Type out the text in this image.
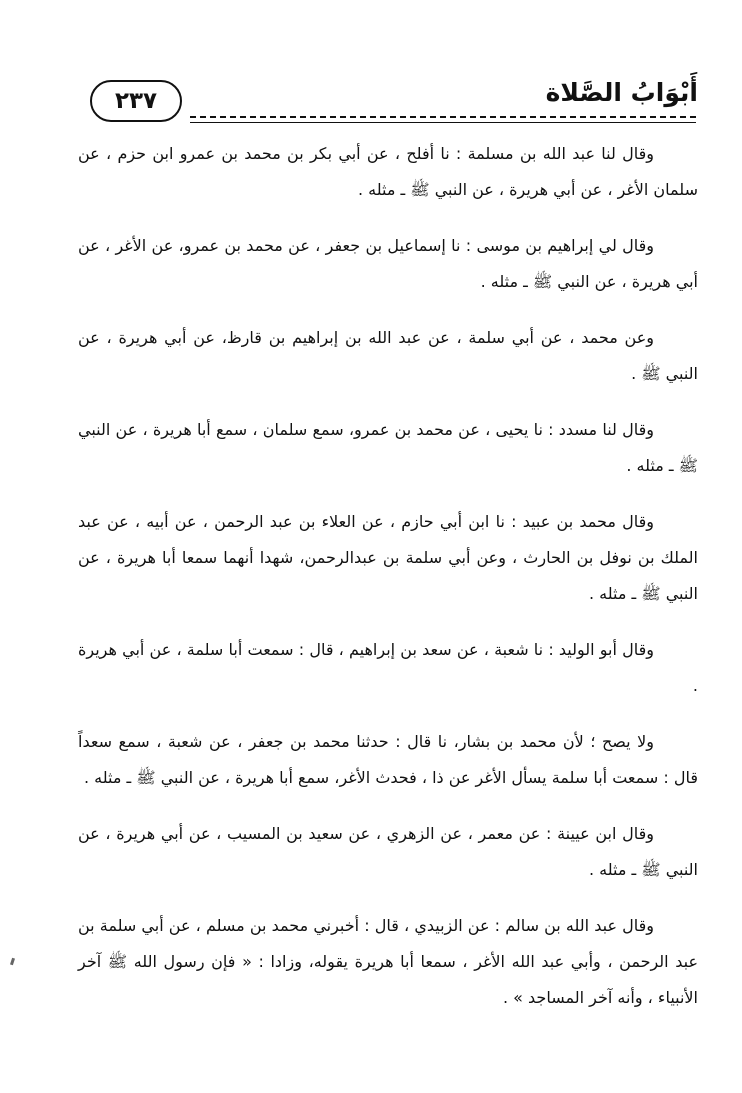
٢٣٧	أَبْوَابُ الصَّلاة

وقال لنا عبد الله بن مسلمة : نا أفلح ، عن أبي بكر بن محمد بن عمرو ابن حزم ، عن سلمان الأغر ، عن أبي هريرة ، عن النبي ﷺ ـ مثله .

وقال لي إبراهيم بن موسى : نا إسماعيل بن جعفر ، عن محمد بن عمرو، عن الأغر ، عن أبي هريرة ، عن النبي ﷺ ـ مثله .

وعن محمد ، عن أبي سلمة ، عن عبد الله بن إبراهيم بن قارظ، عن أبي هريرة ، عن النبي ﷺ .

وقال لنا مسدد : نا يحيى ، عن محمد بن عمرو، سمع سلمان ، سمع أبا هريرة ، عن النبي ﷺ ـ مثله .

وقال محمد بن عبيد : نا ابن أبي حازم ، عن العلاء بن عبد الرحمن ، عن أبيه ، عن عبد الملك بن نوفل بن الحارث ، وعن أبي سلمة بن عبدالرحمن، شهدا أنهما سمعا أبا هريرة ، عن النبي ﷺ ـ مثله .

وقال أبو الوليد : نا شعبة ، عن سعد بن إبراهيم ، قال : سمعت أبا سلمة ، عن أبي هريرة .

ولا يصح ؛ لأن محمد بن بشار، نا قال : حدثنا محمد بن جعفر ، عن شعبة ، سمع سعداً قال : سمعت أبا سلمة يسأل الأغر عن ذا ، فحدث الأغر، سمع أبا هريرة ، عن النبي ﷺ ـ مثله .

وقال ابن عيينة : عن معمر ، عن الزهري ، عن سعيد بن المسيب ، عن أبي هريرة ، عن النبي ﷺ ـ مثله .

وقال عبد الله بن سالم : عن الزبيدي ، قال : أخبرني محمد بن مسلم ، عن أبي سلمة بن عبد الرحمن ، وأبي عبد الله الأغر ، سمعا أبا هريرة يقوله، وزادا : « فإن رسول الله ﷺ آخر الأنبياء ، وأنه آخر المساجد » .
